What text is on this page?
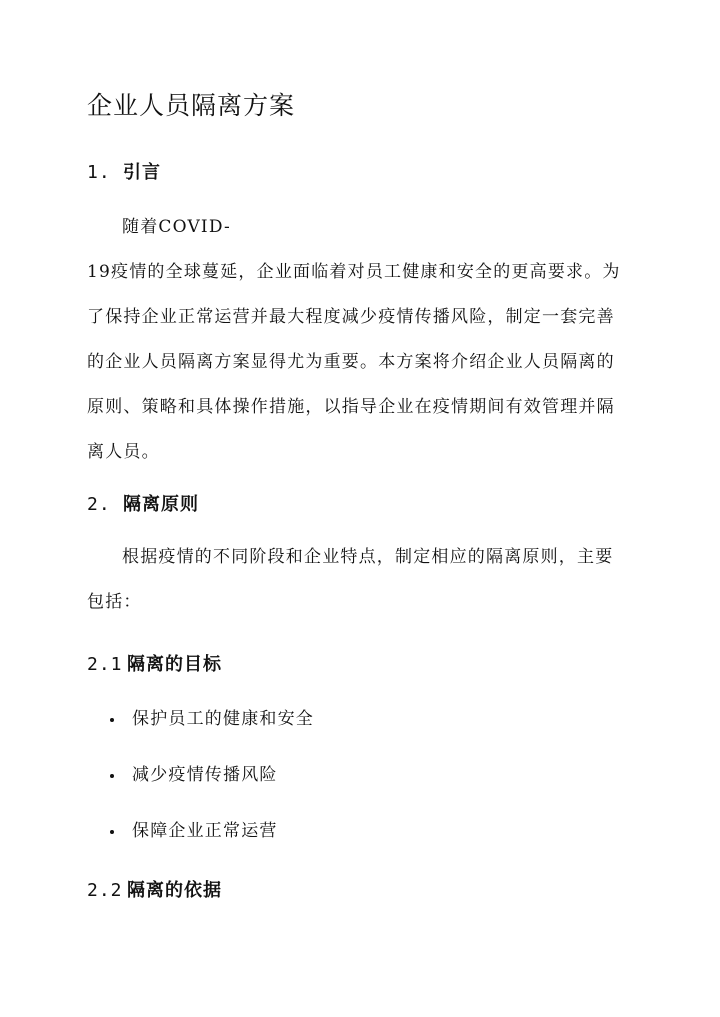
企业人员隔离方案
1. 引言

随着COVID-
19疫情的全球蔓延，企业面临着对员工健康和安全的更高要求。为
了保持企业正常运营并最大程度减少疫情传播风险，制定一套完善
的企业人员隔离方案显得尤为重要。本方案将介绍企业人员隔离的
原则、策略和具体操作措施，以指导企业在疫情期间有效管理并隔
离人员。

2. 隔离原则

根据疫情的不同阶段和企业特点，制定相应的隔离原则，主要
包括：

2.1 隔离的目标
保护员工的健康和安全
减少疫情传播风险
保障企业正常运营
2.2 隔离的依据
